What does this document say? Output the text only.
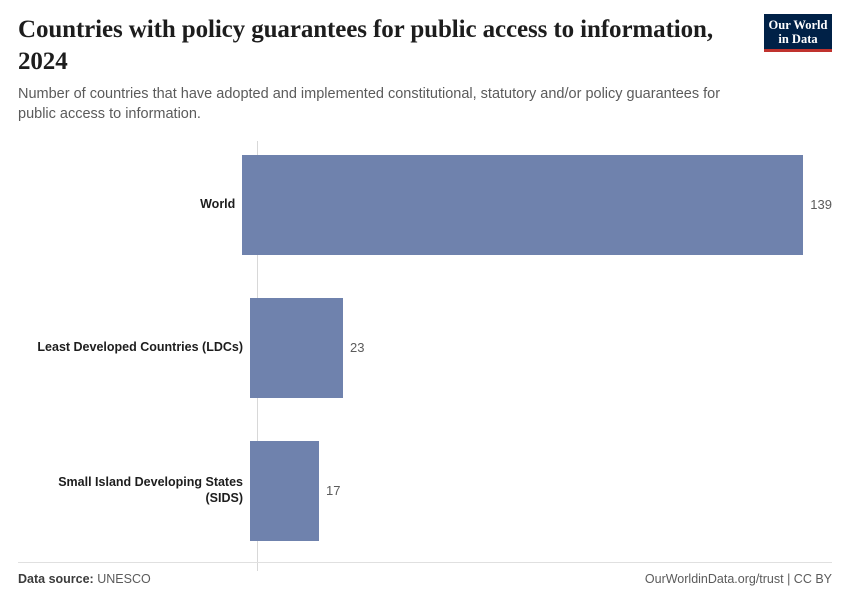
Countries with policy guarantees for public access to information, 2024

Number of countries that have adopted and implemented constitutional, statutory and/or policy guarantees for public access to information.

Our World
in Data
World	139
Least Developed Countries (LDCs)	23
Small Island Developing States (SIDS)	17
Data source: UNESCO	OurWorldinData.org/trust | CC BY
